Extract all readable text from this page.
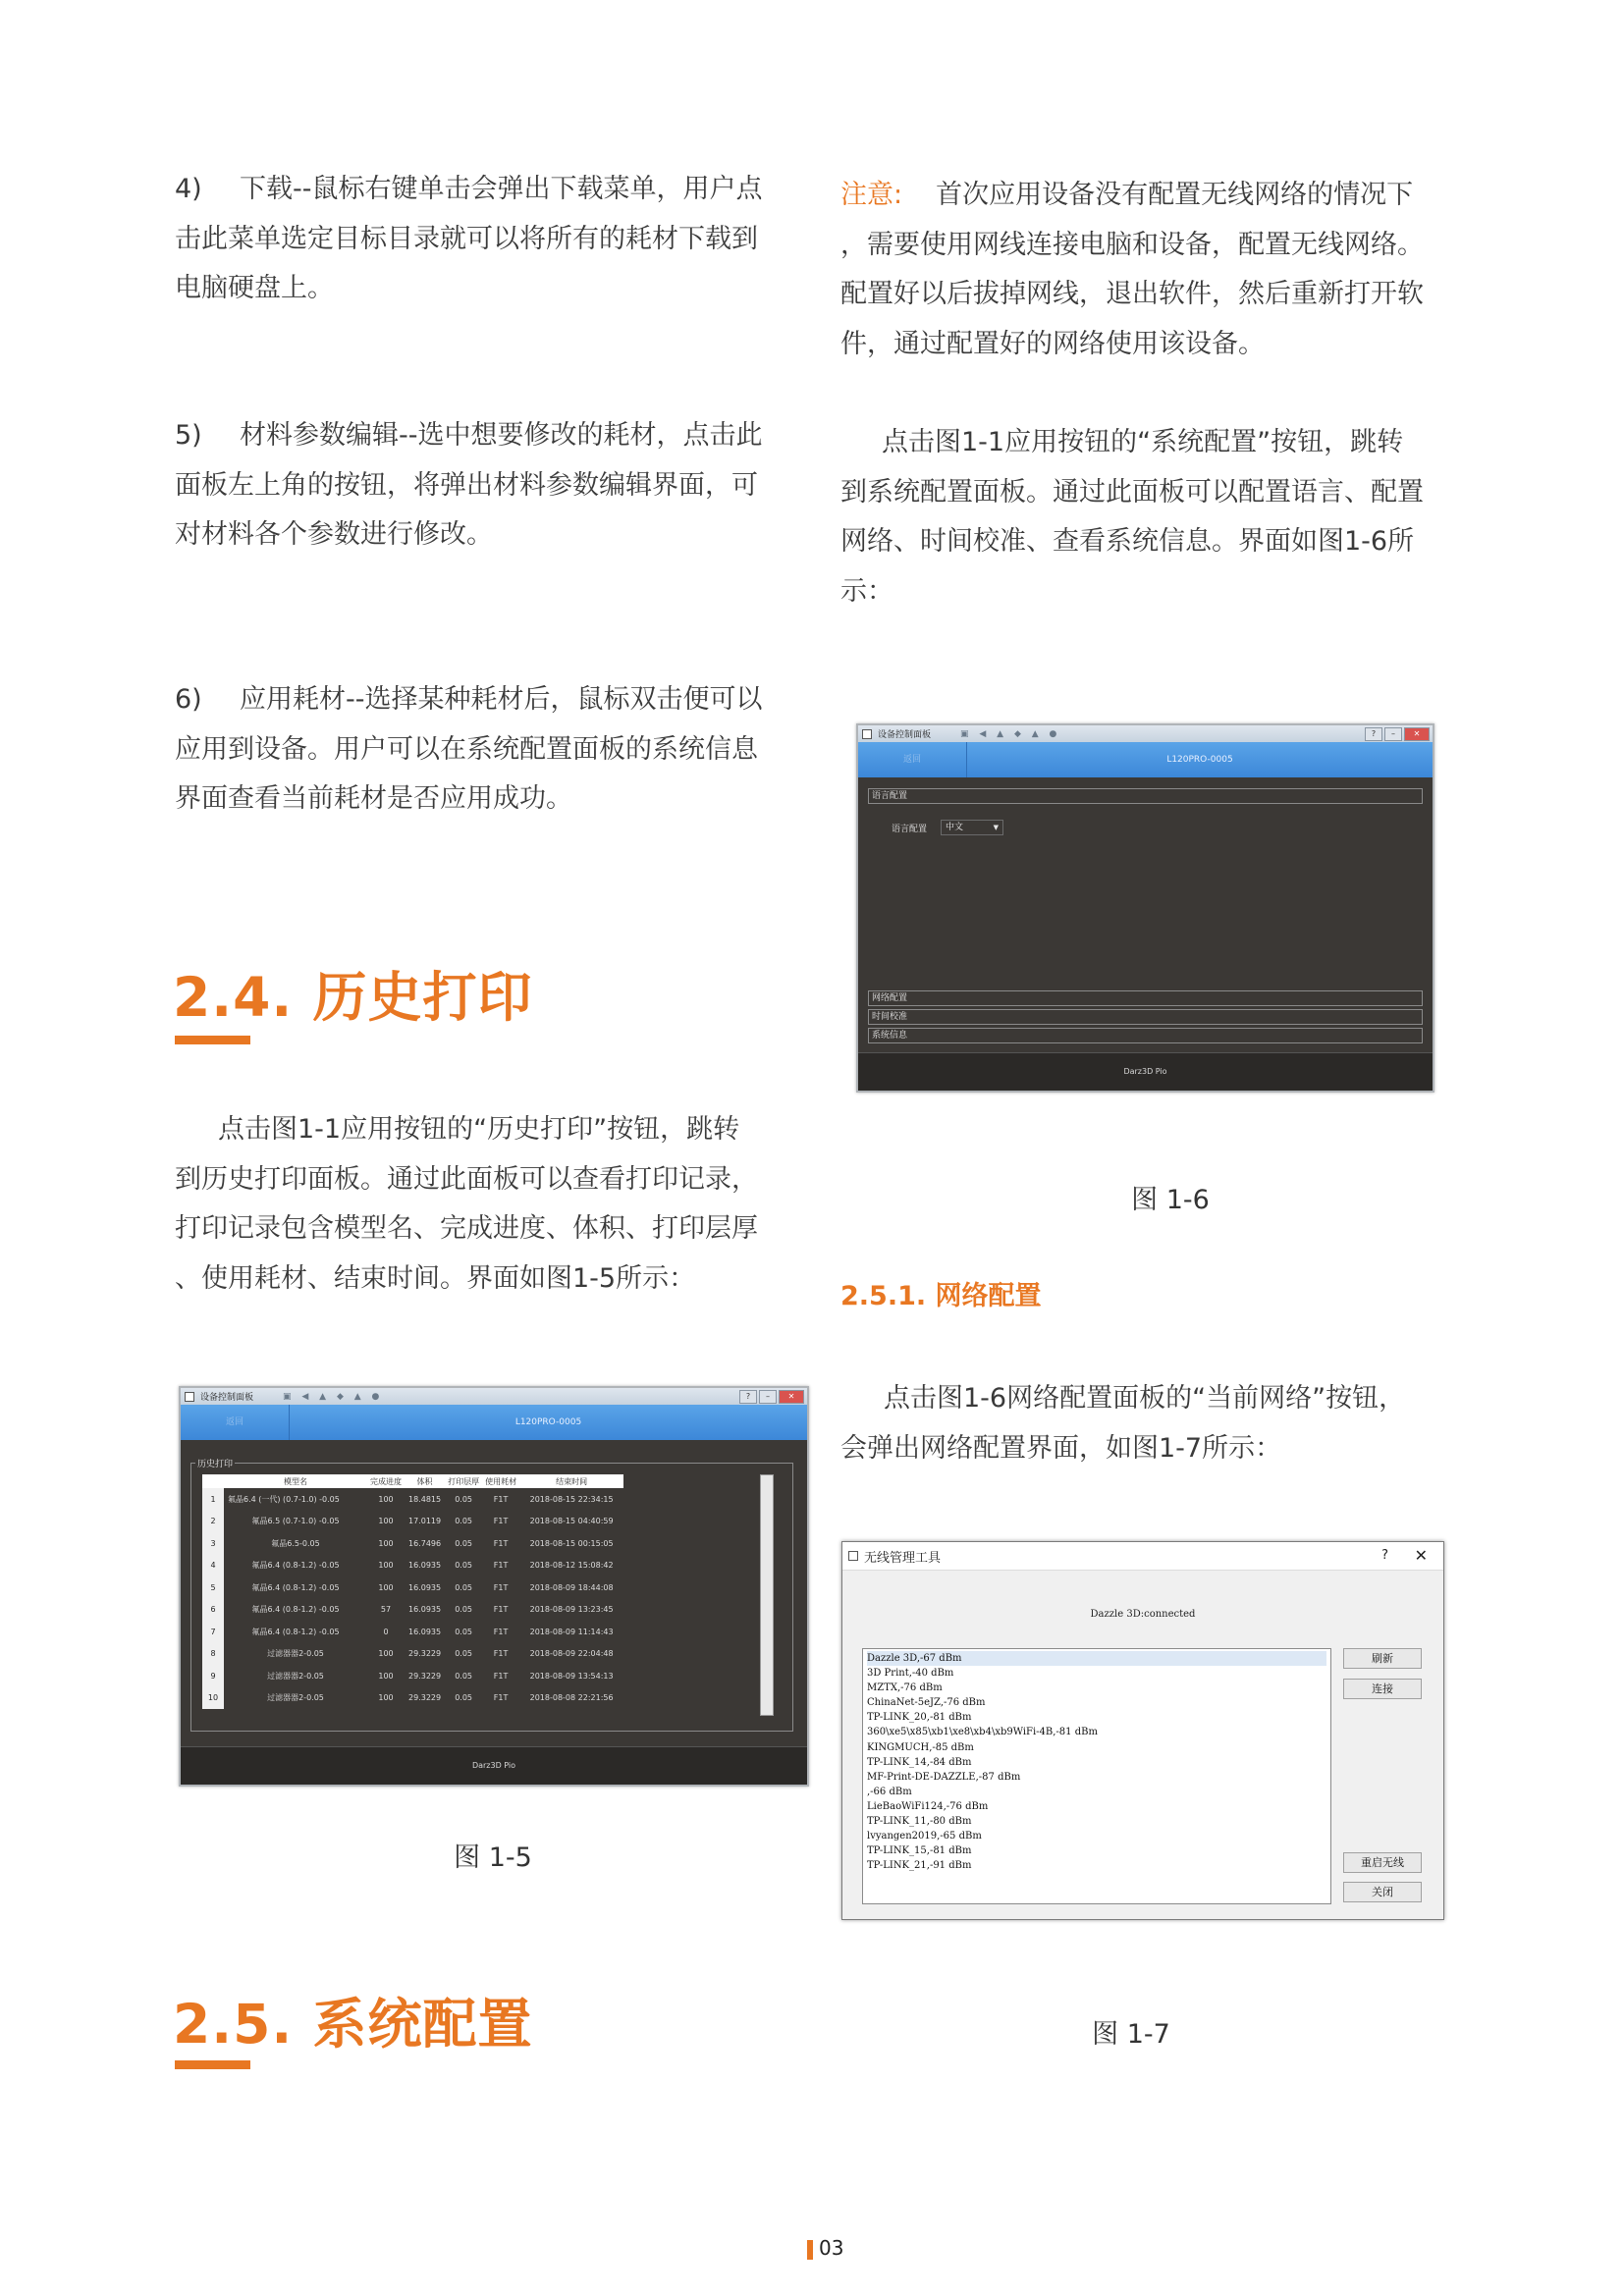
4) 下载--鼠标右键单击会弹出下载菜单，用户点
击此菜单选定目标目录就可以将所有的耗材下载到
电脑硬盘上。
5) 材料参数编辑--选中想要修改的耗材，点击此
面板左上角的按钮，将弹出材料参数编辑界面，可
对材料各个参数进行修改。
6) 应用耗材--选择某种耗材后，鼠标双击便可以
应用到设备。用户可以在系统配置面板的系统信息
界面查看当前耗材是否应用成功。
2.4. 历史打印
点击图1-1应用按钮的“历史打印”按钮，跳转
到历史打印面板。通过此面板可以查看打印记录，
打印记录包含模型名、完成进度、体积、打印层厚
、使用耗材、结束时间。界面如图1-5所示：
设备控制面板	▣ ◀ ▲ ◆ ▲ ●	?	–	✕
返回	L120PRO-0005
历史打印
	模型名	完成进度	体积	打印层厚	使用耗材	结束时间
1	氟晶6.4 (一代) (0.7-1.0) -0.05	100	18.4815	0.05	F1T	2018-08-15 22:34:15
2	氟晶6.5 (0.7-1.0) -0.05	100	17.0119	0.05	F1T	2018-08-15 04:40:59
3	氟晶6.5-0.05	100	16.7496	0.05	F1T	2018-08-15 00:15:05
4	氟晶6.4 (0.8-1.2) -0.05	100	16.0935	0.05	F1T	2018-08-12 15:08:42
5	氟晶6.4 (0.8-1.2) -0.05	100	16.0935	0.05	F1T	2018-08-09 18:44:08
6	氟晶6.4 (0.8-1.2) -0.05	57	16.0935	0.05	F1T	2018-08-09 13:23:45
7	氟晶6.4 (0.8-1.2) -0.05	0	16.0935	0.05	F1T	2018-08-09 11:14:43
8	过滤器器2-0.05	100	29.3229	0.05	F1T	2018-08-09 22:04:48
9	过滤器器2-0.05	100	29.3229	0.05	F1T	2018-08-09 13:54:13
10	过滤器器2-0.05	100	29.3229	0.05	F1T	2018-08-08 22:21:56
Darz3D Pio
图 1-5
2.5. 系统配置
注意: 首次应用设备没有配置无线网络的情况下
，需要使用网线连接电脑和设备，配置无线网络。
配置好以后拔掉网线，退出软件，然后重新打开软
件，通过配置好的网络使用该设备。
点击图1-1应用按钮的“系统配置”按钮，跳转
到系统配置面板。通过此面板可以配置语言、配置
网络、时间校准、查看系统信息。界面如图1-6所
示：
设备控制面板	▣ ◀ ▲ ◆ ▲ ●	?	–	✕
返回	L120PRO-0005
语言配置
语言配置	中文	▼
网络配置
时间校准
系统信息
Darz3D Pio
图 1-6
2.5.1. 网络配置
点击图1-6网络配置面板的“当前网络”按钮，
会弹出网络配置界面，如图1-7所示：
无线管理工具	? ✕
Dazzle 3D:connected
Dazzle 3D,-67 dBm
3D Print,-40 dBm
MZTX,-76 dBm
ChinaNet-5eJZ,-76 dBm
TP-LINK_20,-81 dBm
360\xe5\x85\xb1\xe8\xb4\xb9WiFi-4B,-81 dBm
KINGMUCH,-85 dBm
TP-LINK_14,-84 dBm
MF-Print-DE-DAZZLE,-87 dBm
,-66 dBm
LieBaoWiFi124,-76 dBm
TP-LINK_11,-80 dBm
lvyangen2019,-65 dBm
TP-LINK_15,-81 dBm
TP-LINK_21,-91 dBm
刷新
连接
重启无线
关闭
图 1-7
03
